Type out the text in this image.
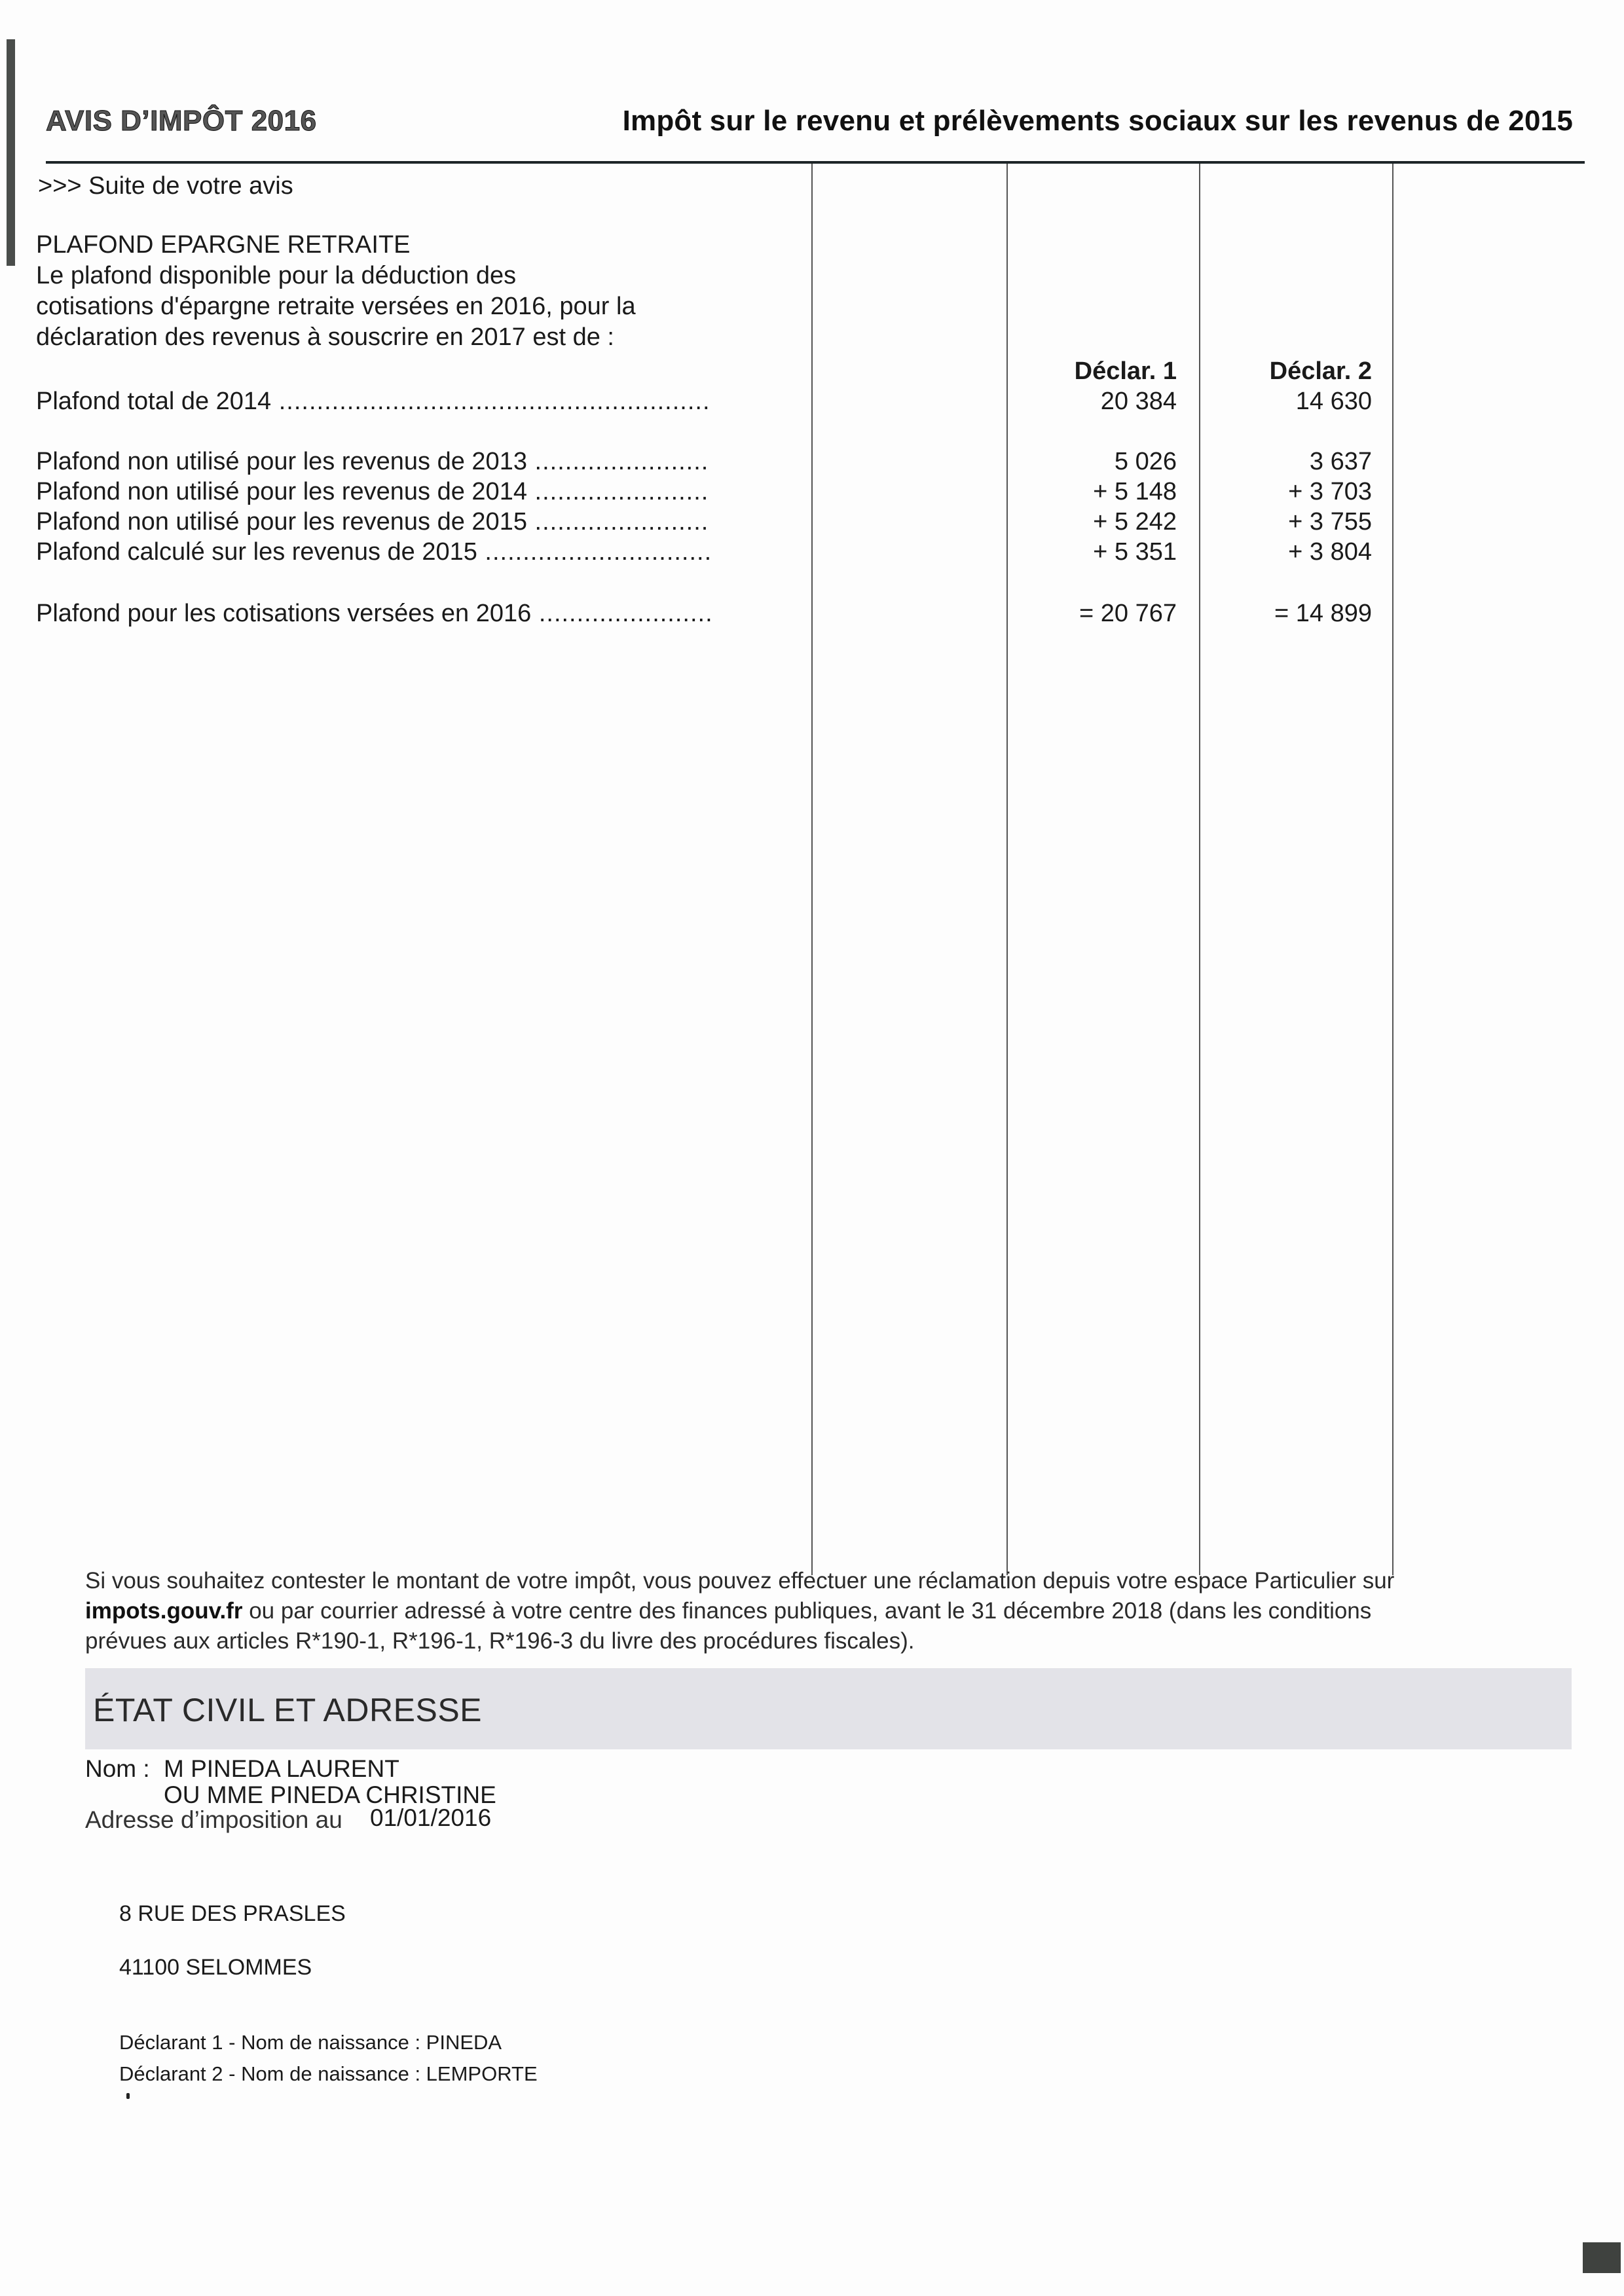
AVIS D’IMPÔT 2016	Impôt sur le revenu et prélèvements sociaux sur les revenus de 2015
>>> Suite de votre avis
PLAFOND EPARGNE RETRAITE
Le plafond disponible pour la déduction des
cotisations d'épargne retraite versées en 2016, pour la
déclaration des revenus à souscrire en 2017 est de :
Déclar. 1	Déclar. 2
Plafond total de 2014 .....	20 384	14 630
Plafond non utilisé pour les revenus de 2013 .....	5 026	3 637
Plafond non utilisé pour les revenus de 2014 .....	+ 5 148	+ 3 703
Plafond non utilisé pour les revenus de 2015 .....	+ 5 242	+ 3 755
Plafond calculé sur les revenus de 2015 .....	+ 5 351	+ 3 804
Plafond pour les cotisations versées en 2016 .....	= 20 767	= 14 899
Si vous souhaitez contester le montant de votre impôt, vous pouvez effectuer une réclamation depuis votre espace Particulier sur
impots.gouv.fr ou par courrier adressé à votre centre des finances publiques, avant le 31 décembre 2018 (dans les conditions
prévues aux articles R*190-1, R*196-1, R*196-3 du livre des procédures fiscales).
ÉTAT CIVIL ET ADRESSE
Nom : M PINEDA LAURENT
OU MME PINEDA CHRISTINE
Adresse d’imposition au 01/01/2016
8 RUE DES PRASLES
41100 SELOMMES
Déclarant 1 - Nom de naissance : PINEDA
Déclarant 2 - Nom de naissance : LEMPORTE
